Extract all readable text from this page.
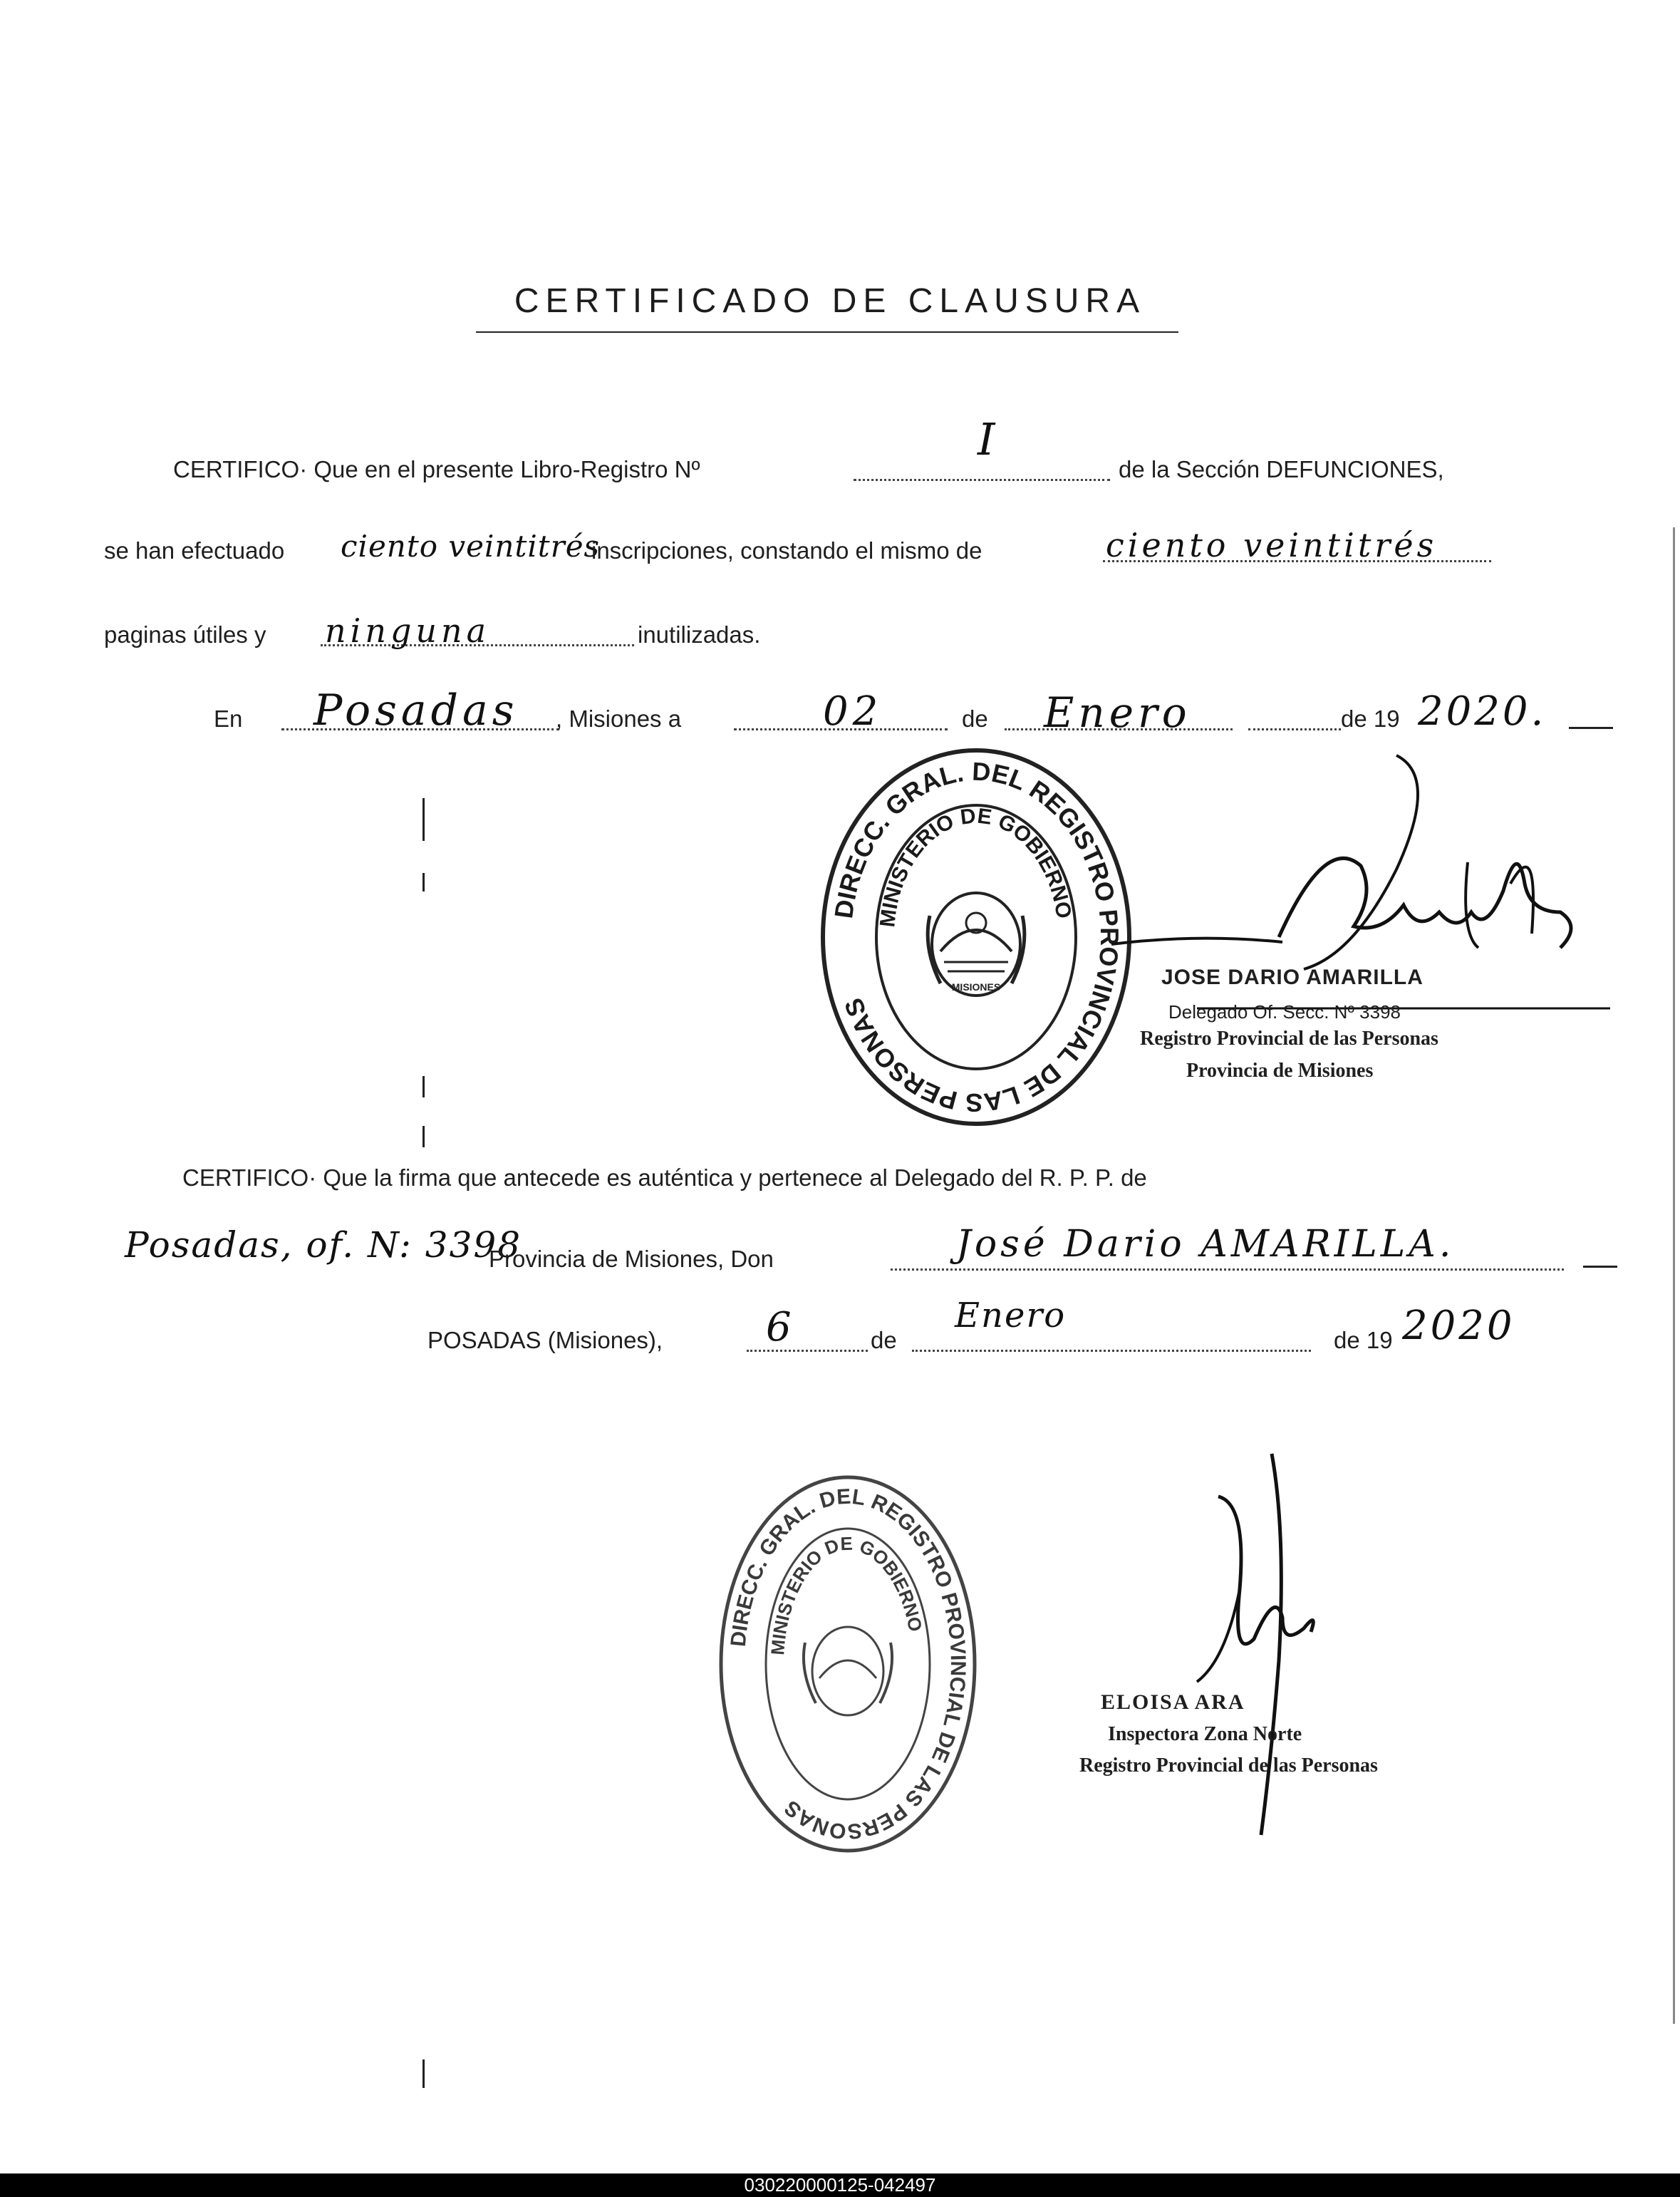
CERTIFICADO DE CLAUSURA
CERTIFICO· Que en el presente Libro-Registro Nº
I
de la Sección DEFUNCIONES,
se han efectuado ciento veintitrés
inscripciones, constando el mismo de	ciento veintitrés
paginas útiles y ninguna	inutilizadas.
En Posadas , Misiones a	02	de Enero	de 19 2020.
DIRECC. GRAL. DEL REGISTRO PROVINCIAL DE LAS PERSONAS
MINISTERIO DE GOBIERNO
MISIONES	JOSE DARIO AMARILLA
Delegado Of. Secc. Nº 3398
Registro Provincial de las Personas
Provincia de Misiones
CERTIFICO· Que la firma que antecede es auténtica y pertenece al Delegado del R. P. P. de
Posadas, of. N: 3398
Provincia de Misiones, Don	José Dario AMARILLA.
POSADAS (Misiones),	6	de
Enero
de 19 2020
DIRECC. GRAL. DEL REGISTRO PROVINCIAL DE LAS PERSONAS
MINISTERIO DE GOBIERNO
ELOISA ARA
Inspectora Zona Norte
Registro Provincial de las Personas
030220000125-042497
